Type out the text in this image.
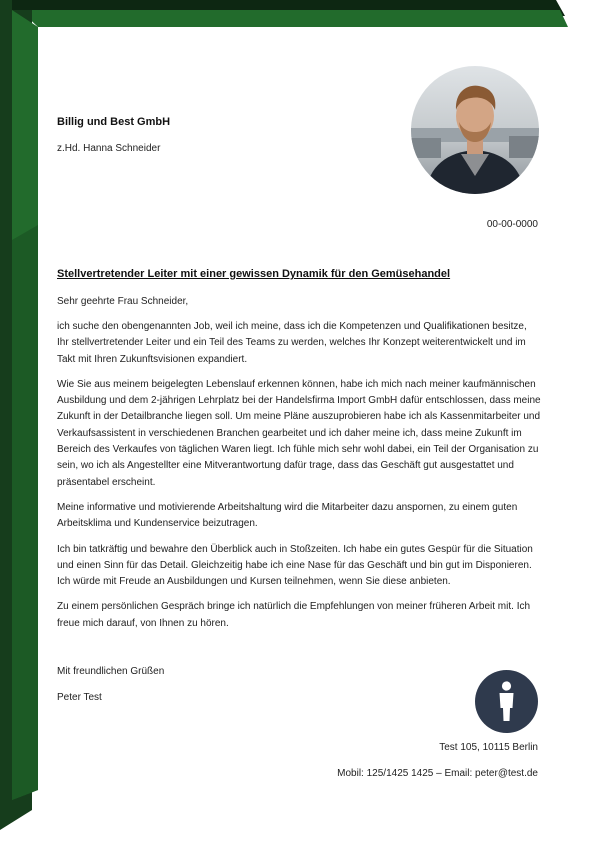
Billig und Best GmbH
z.Hd. Hanna Schneider
00-00-0000
Stellvertretender Leiter mit einer gewissen Dynamik für den Gemüsehandel
Sehr geehrte Frau Schneider,

ich suche den obengenannten Job, weil ich meine, dass ich die Kompetenzen und Qualifikationen besitze, Ihr stellvertretender Leiter und ein Teil des Teams zu werden, welches Ihr Konzept weiterentwickelt und im Takt mit Ihren Zukunftsvisionen expandiert.

Wie Sie aus meinem beigelegten Lebenslauf erkennen können, habe ich mich nach meiner kaufmännischen Ausbildung und dem 2-jährigen Lehrplatz bei der Handelsfirma Import GmbH dafür entschlossen, dass meine Zukunft in der Detailbranche liegen soll. Um meine Pläne auszuprobieren habe ich als Kassenmitarbeiter und Verkaufsassistent in verschiedenen Branchen gearbeitet und ich daher meine ich, dass meine Zukunft im Bereich des Verkaufes von täglichen Waren liegt. Ich fühle mich sehr wohl dabei, ein Teil der Organisation zu sein, wo ich als Angestellter eine Mitverantwortung dafür trage, dass das Geschäft gut ausgestattet und präsentabel erscheint.

Meine informative und motivierende Arbeitshaltung wird die Mitarbeiter dazu anspornen, zu einem guten Arbeitsklima und Kundenservice beizutragen.

Ich bin tatkräftig und bewahre den Überblick auch in Stoßzeiten. Ich habe ein gutes Gespür für die Situation und einen Sinn für das Detail. Gleichzeitig habe ich eine Nase für das Geschäft und bin gut im Disponieren. Ich würde mit Freude an Ausbildungen und Kursen teilnehmen, wenn Sie diese anbieten.

Zu einem persönlichen Gespräch bringe ich natürlich die Empfehlungen von meiner früheren Arbeit mit. Ich freue mich darauf, von Ihnen zu hören.

Mit freundlichen Grüßen
Peter Test
Test 105, 10115 Berlin
Mobil: 125/1425 1425 – Email: peter@test.de
